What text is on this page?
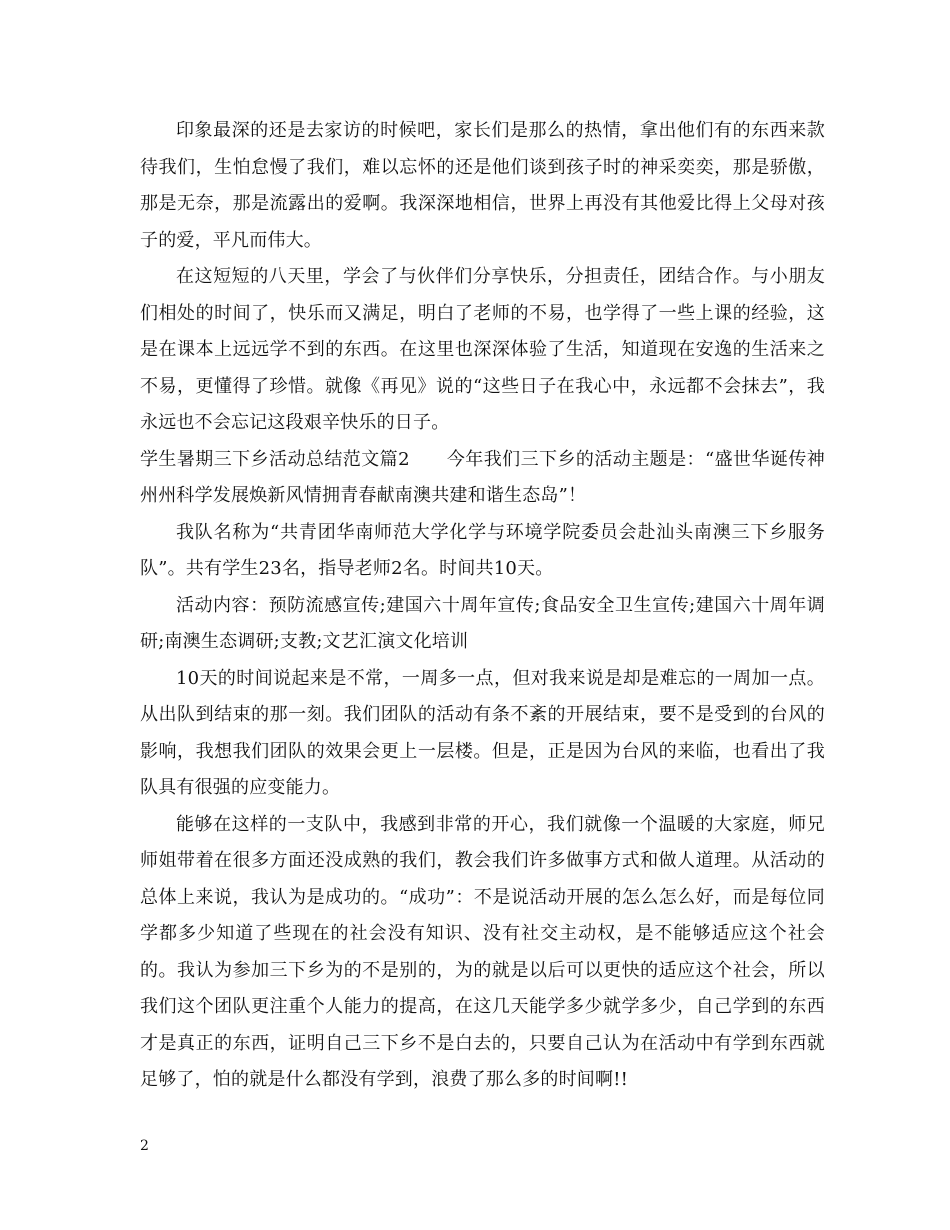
印象最深的还是去家访的时候吧，家长们是那么的热情，拿出他们有的东西来款待我们，生怕怠慢了我们，难以忘怀的还是他们谈到孩子时的神采奕奕，那是骄傲，那是无奈，那是流露出的爱啊。我深深地相信，世界上再没有其他爱比得上父母对孩子的爱，平凡而伟大。

在这短短的八天里，学会了与伙伴们分享快乐，分担责任，团结合作。与小朋友们相处的时间了，快乐而又满足，明白了老师的不易，也学得了一些上课的经验，这是在课本上远远学不到的东西。在这里也深深体验了生活，知道现在安逸的生活来之不易，更懂得了珍惜。就像《再见》说的“这些日子在我心中，永远都不会抹去”，我永远也不会忘记这段艰辛快乐的日子。

学生暑期三下乡活动总结范文篇2　　今年我们三下乡的活动主题是：“盛世华诞传神州州科学发展焕新风情拥青春献南澳共建和谐生态岛”！

我队名称为“共青团华南师范大学化学与环境学院委员会赴汕头南澳三下乡服务队”。共有学生23名，指导老师2名。时间共10天。

活动内容：预防流感宣传;建国六十周年宣传;食品安全卫生宣传;建国六十周年调研;南澳生态调研;支教;文艺汇演文化培训

10天的时间说起来是不常，一周多一点，但对我来说是却是难忘的一周加一点。从出队到结束的那一刻。我们团队的活动有条不紊的开展结束，要不是受到的台风的影响，我想我们团队的效果会更上一层楼。但是，正是因为台风的来临，也看出了我队具有很强的应变能力。

能够在这样的一支队中，我感到非常的开心，我们就像一个温暖的大家庭，师兄师姐带着在很多方面还没成熟的我们，教会我们许多做事方式和做人道理。从活动的总体上来说，我认为是成功的。“成功”：不是说活动开展的怎么怎么好，而是每位同学都多少知道了些现在的社会没有知识、没有社交主动权，是不能够适应这个社会的。我认为参加三下乡为的不是别的，为的就是以后可以更快的适应这个社会，所以我们这个团队更注重个人能力的提高，在这几天能学多少就学多少，自己学到的东西才是真正的东西，证明自己三下乡不是白去的，只要自己认为在活动中有学到东西就足够了，怕的就是什么都没有学到，浪费了那么多的时间啊!!

2
